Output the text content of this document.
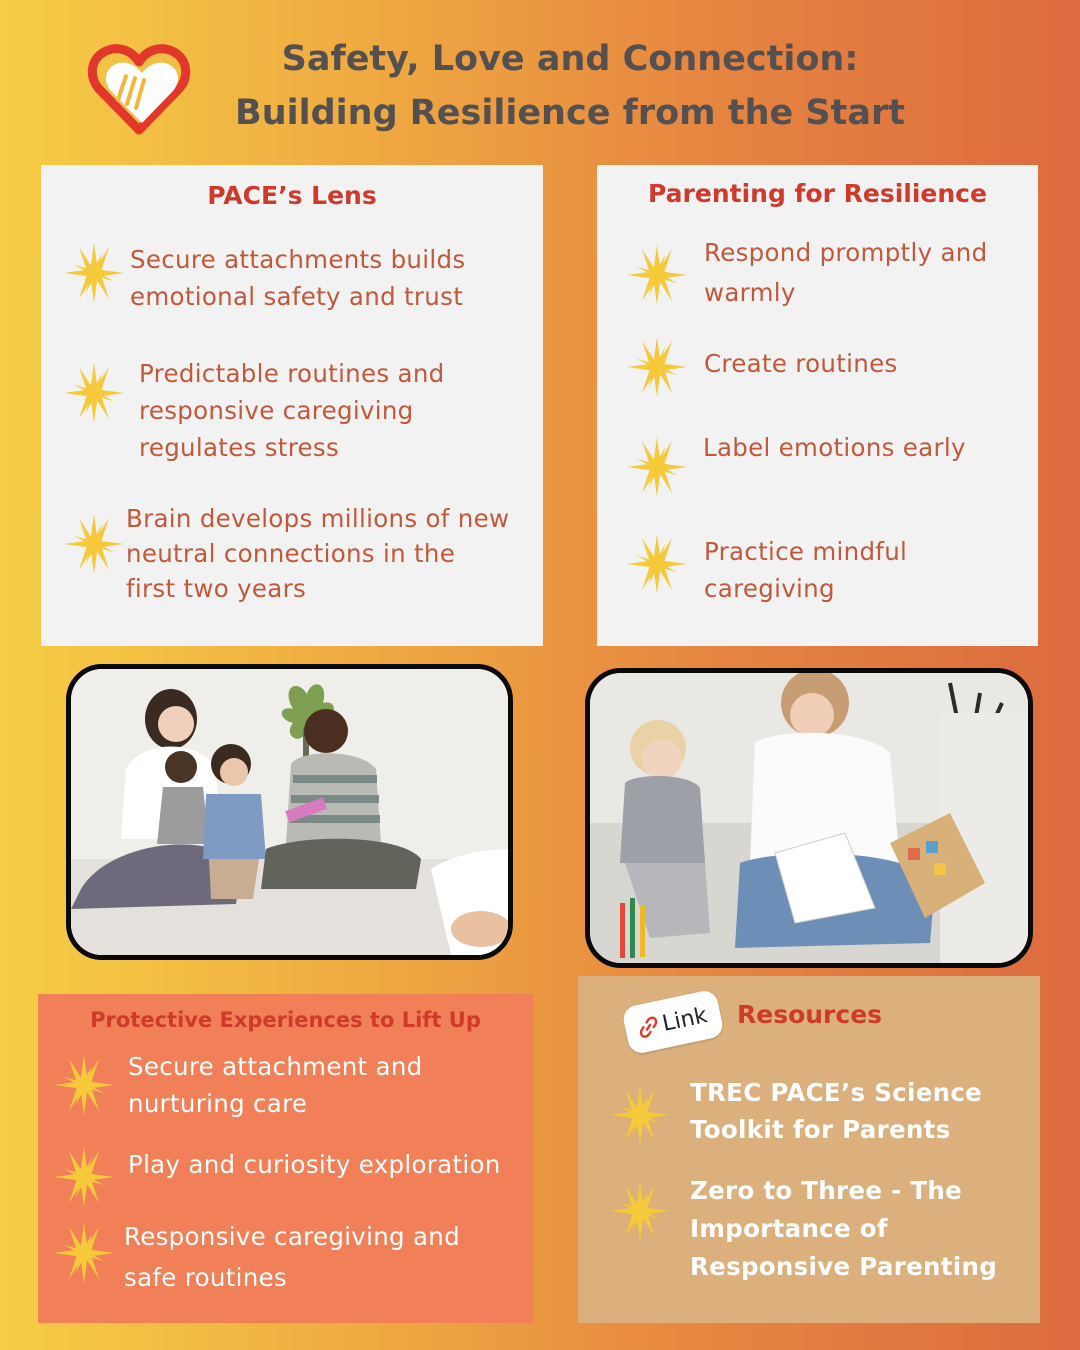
Safety, Love and Connection:
Building Resilience from the Start
PACE’s Lens
Secure attachments builds
emotional safety and trust
Predictable routines and
responsive caregiving
regulates stress
Brain develops millions of new
neutral connections in the
first two years
Parenting for Resilience
Respond promptly and
warmly
Create routines
Label emotions early
Practice mindful
caregiving
Protective Experiences to Lift Up
Secure attachment and
nurturing care
Play and curiosity exploration
Responsive caregiving and
safe routines
Resources
TREC PACE’s Science
Toolkit for Parents
Zero to Three - The
Importance of
Responsive Parenting
Link
